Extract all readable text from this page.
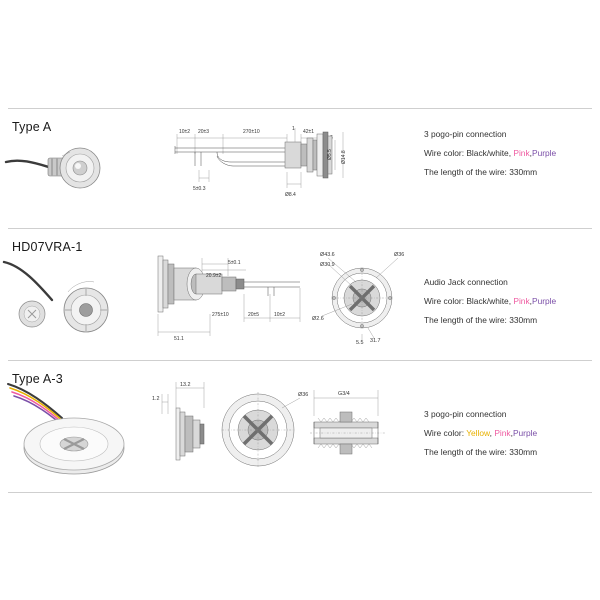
Type A	10±2 20±3	270±10	42±1
1
Ø5.5 Ø14.8
5±0.3
Ø8.4
3 pogo-pin connection
Wire color: Black/white, Pink,Purple
The length of the wire: 330mm
HD07VRA-1
5±0.1
20.9±2
275±10	20±5	10±2
51.1
Ø43.6
Ø30.9
Ø36
Ø2.6
5.5 31.7
Audio Jack connection
Wire color: Black/white, Pink,Purple
The length of the wire: 330mm
Type A-3	13.2
1.2
Ø36	G3/4
3 pogo-pin connection
Wire color: Yellow, Pink,Purple
The length of the wire: 330mm
